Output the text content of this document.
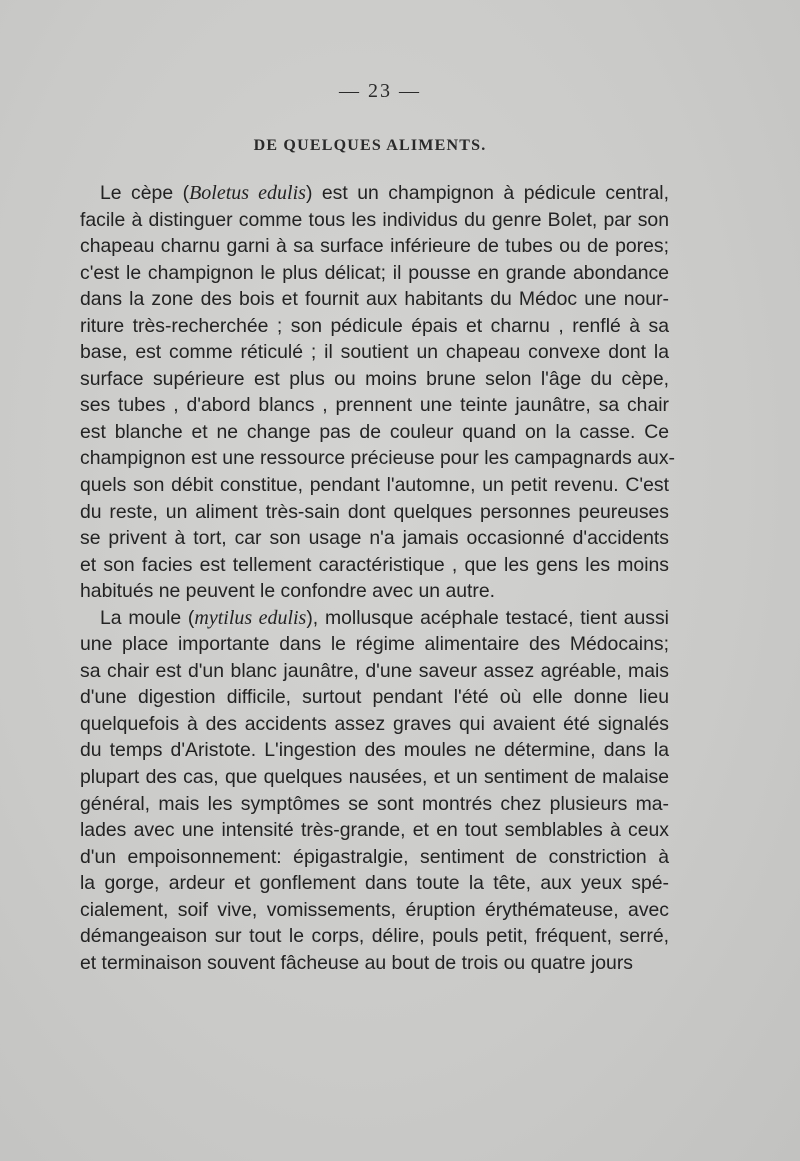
— 23 —
DE QUELQUES ALIMENTS.

Le cèpe (Boletus edulis) est un champignon à pédicule central,
facile à distinguer comme tous les individus du genre Bolet, par son
chapeau charnu garni à sa surface inférieure de tubes ou de pores;
c'est le champignon le plus délicat; il pousse en grande abondance
dans la zone des bois et fournit aux habitants du Médoc une nour-
riture très-recherchée ; son pédicule épais et charnu , renflé à sa
base, est comme réticulé ; il soutient un chapeau convexe dont la
surface supérieure est plus ou moins brune selon l'âge du cèpe,
ses tubes , d'abord blancs , prennent une teinte jaunâtre, sa chair
est blanche et ne change pas de couleur quand on la casse. Ce
champignon est une ressource précieuse pour les campagnards aux-
quels son débit constitue, pendant l'automne, un petit revenu. C'est
du reste, un aliment très-sain dont quelques personnes peureuses
se privent à tort, car son usage n'a jamais occasionné d'accidents
et son facies est tellement caractéristique , que les gens les moins
habitués ne peuvent le confondre avec un autre.

La moule (mytilus edulis), mollusque acéphale testacé, tient aussi
une place importante dans le régime alimentaire des Médocains;
sa chair est d'un blanc jaunâtre, d'une saveur assez agréable, mais
d'une digestion difficile, surtout pendant l'été où elle donne lieu
quelquefois à des accidents assez graves qui avaient été signalés
du temps d'Aristote. L'ingestion des moules ne détermine, dans la
plupart des cas, que quelques nausées, et un sentiment de malaise
général, mais les symptômes se sont montrés chez plusieurs ma-
lades avec une intensité très-grande, et en tout semblables à ceux
d'un empoisonnement: épigastralgie, sentiment de constriction à
la gorge, ardeur et gonflement dans toute la tête, aux yeux spé-
cialement, soif vive, vomissements, éruption érythémateuse, avec
démangeaison sur tout le corps, délire, pouls petit, fréquent, serré,
et terminaison souvent fâcheuse au bout de trois ou quatre jours
